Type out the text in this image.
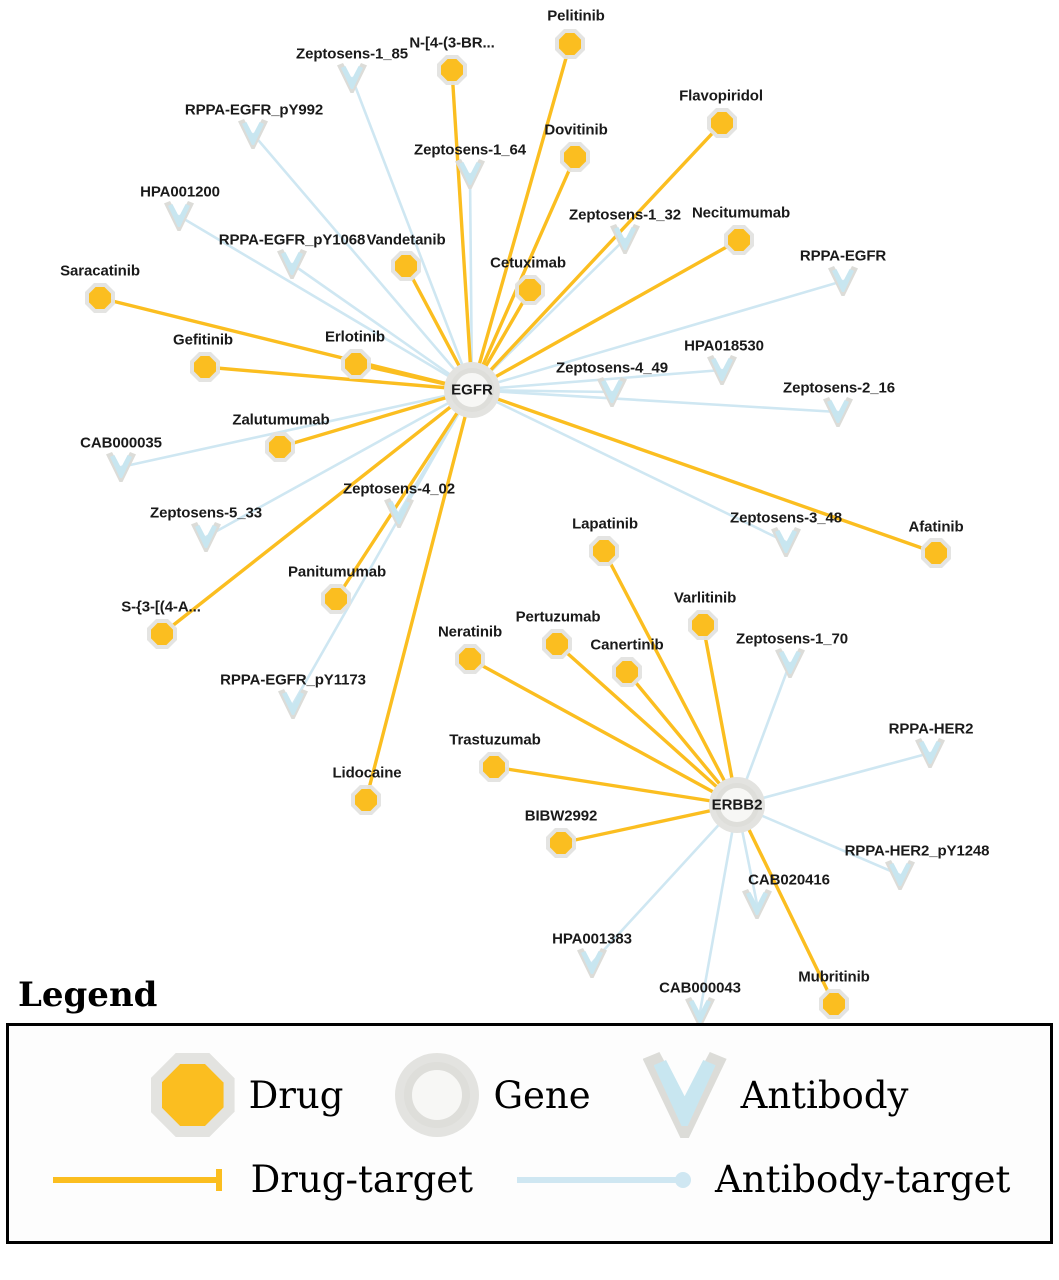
Zeptosens-1_85
RPPA-EGFR_pY992
Zeptosens-1_64
HPA001200
Zeptosens-1_32
RPPA-EGFR_pY1068
RPPA-EGFR
HPA018530
Zeptosens-4_49
Zeptosens-2_16
CAB000035
Zeptosens-4_02
Zeptosens-5_33	Zeptosens-3_48
Zeptosens-1_70
RPPA-EGFR_pY1173
RPPA-HER2
RPPA-HER2_pY1248
CAB020416
HPA001383
CAB000043
Pelitinib
N-[4-(3-BR...
Flavopiridol
Dovitinib
Necitumumab
Vandetanib
Cetuximab
Saracatinib
Erlotinib
Gefitinib
Zalutumumab
Afatinib
Lapatinib
Varlitinib
Panitumumab
S-{3-[(4-A...
Pertuzumab
Neratinib
Canertinib
Trastuzumab
Lidocaine
BIBW2992
Mubritinib
EGFR
ERBB2
Legend
Drug	Gene	Antibody
Drug-target	Antibody-target
